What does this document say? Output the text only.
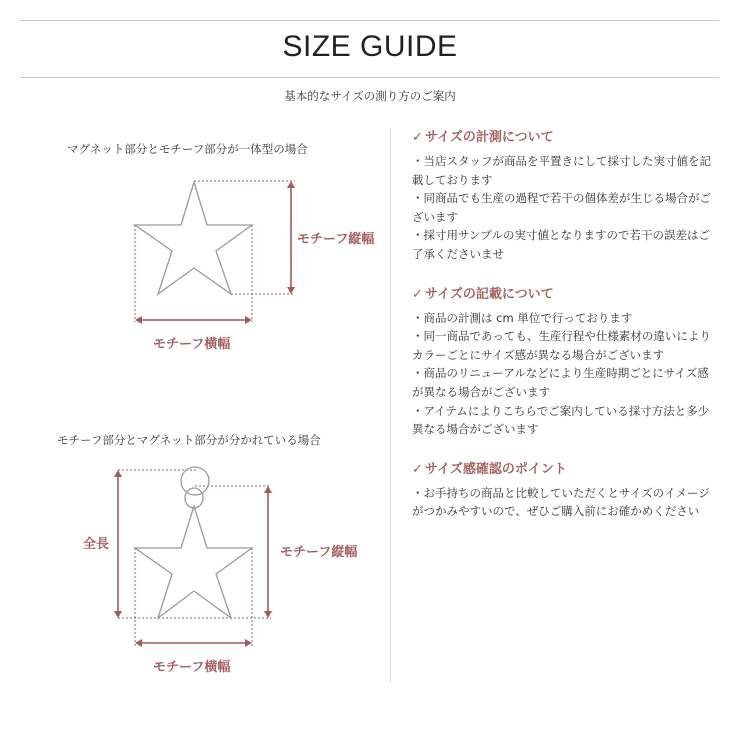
SIZE GUIDE
基本的なサイズの測り方のご案内
マグネット部分とモチーフ部分が一体型の場合
モチーフ縦幅
モチーフ横幅
モチーフ部分とマグネット部分が分かれている場合
全長
モチーフ縦幅
モチーフ横幅
✓ サイズの計測について

・当店スタッフが商品を平置きにして採寸した実寸値を記載しております

・同商品でも生産の過程で若干の個体差が生じる場合がございます

・採寸用サンプルの実寸値となりますので若干の誤差はご了承くださいませ

✓ サイズの記載について

・商品の計測は cm 単位で行っております

・同一商品であっても、生産行程や仕様素材の違いによりカラーごとにサイズ感が異なる場合がございます

・商品のリニューアルなどにより生産時期ごとにサイズ感が異なる場合がございます

・アイテムによりこちらでご案内している採寸方法と多少異なる場合がございます

✓ サイズ感確認のポイント

・お手持ちの商品と比較していただくとサイズのイメージがつかみやすいので、ぜひご購入前にお確かめください
